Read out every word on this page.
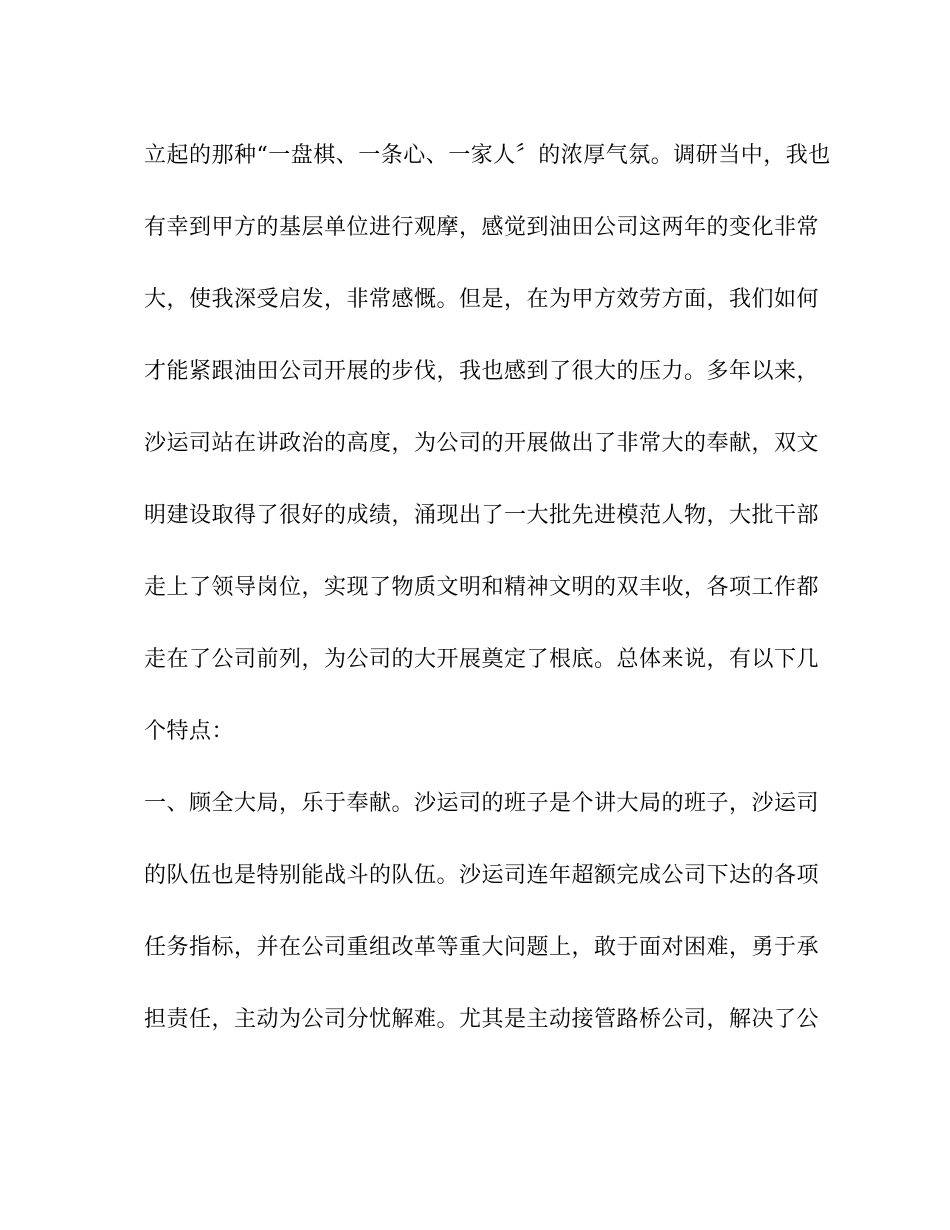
立起的那种“一盘棋、一条心、一家人〞的浓厚气氛。调研当中，我也
有幸到甲方的基层单位进行观摩，感觉到油田公司这两年的变化非常
大，使我深受启发，非常感慨。但是，在为甲方效劳方面，我们如何
才能紧跟油田公司开展的步伐，我也感到了很大的压力。多年以来，
沙运司站在讲政治的高度，为公司的开展做出了非常大的奉献，双文
明建设取得了很好的成绩，涌现出了一大批先进模范人物，大批干部
走上了领导岗位，实现了物质文明和精神文明的双丰收，各项工作都
走在了公司前列，为公司的大开展奠定了根底。总体来说，有以下几
个特点：
一、顾全大局，乐于奉献。沙运司的班子是个讲大局的班子，沙运司
的队伍也是特别能战斗的队伍。沙运司连年超额完成公司下达的各项
任务指标，并在公司重组改革等重大问题上，敢于面对困难，勇于承
担责任，主动为公司分忧解难。尤其是主动接管路桥公司，解决了公
